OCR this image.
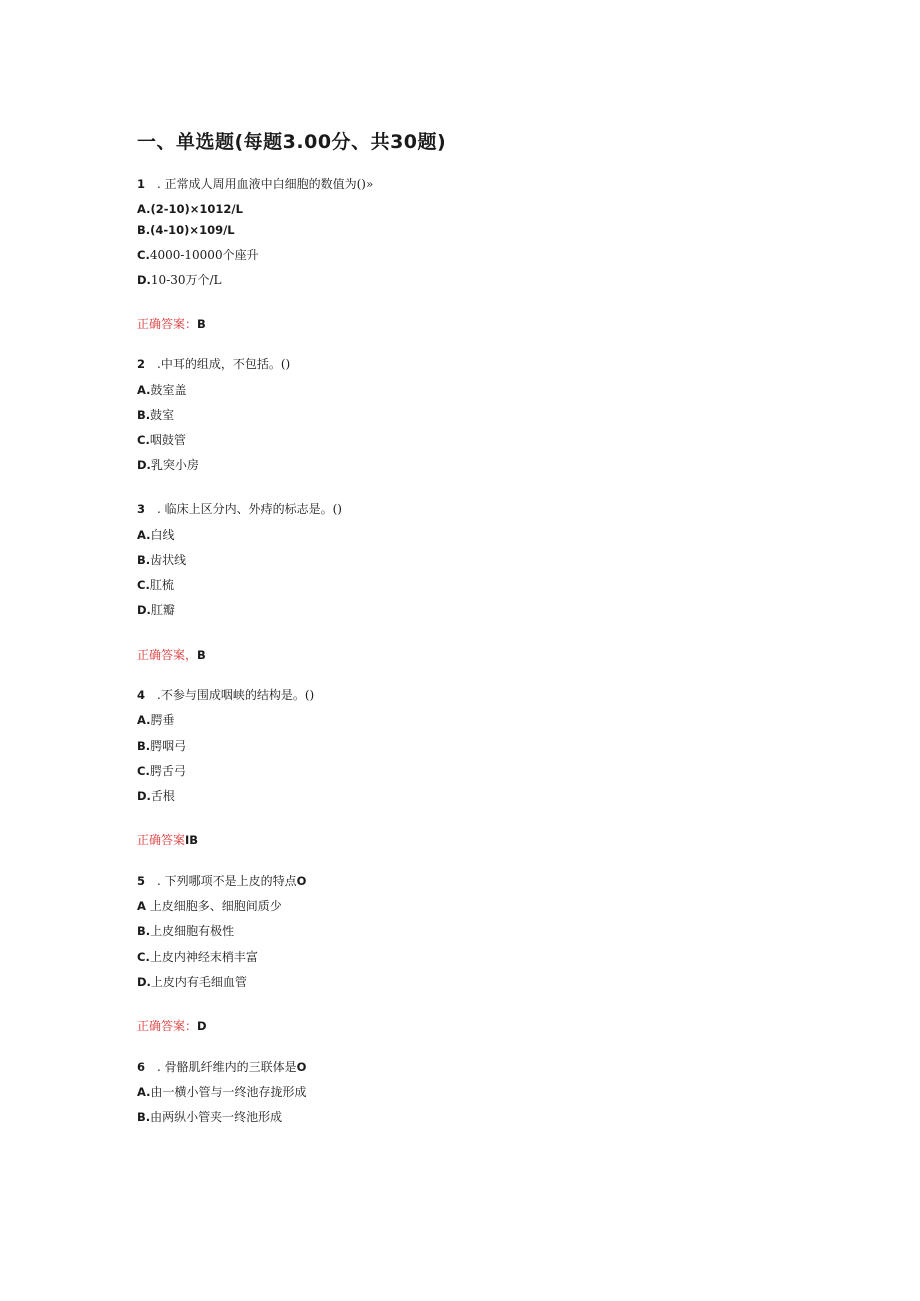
一、单选题(每题3.00分、共30题)
1 . 正常成人周用血液中白细胞的数值为()»
A.(2-10)×1012/L
B.(4-10)×109/L
C.4000-10000个座升
D.10-30万个/L
正确答案：B
2 .中耳的组成，不包括。()
A.鼓室盖
B.鼓室
C.咽鼓管
D.乳突小房
3 . 临床上区分内、外痔的标志是。()
A.白线
B.齿状线
C.肛梳
D.肛瓣
正确答案，B
4 .不参与围成咽峡的结构是。()
A.腭垂
B.腭咽弓
C.腭舌弓
D.舌根
正确答案IB
5 . 下列哪项不是上皮的特点O
A 上皮细胞多、细胞间质少
B.上皮细胞有极性
C.上皮内神经末梢丰富
D.上皮内有毛细血管
正确答案：D
6 . 骨骼肌纤维内的三联体是O
A.由一横小管与一终池存拢形成
B.由两纵小管夹一终池形成
